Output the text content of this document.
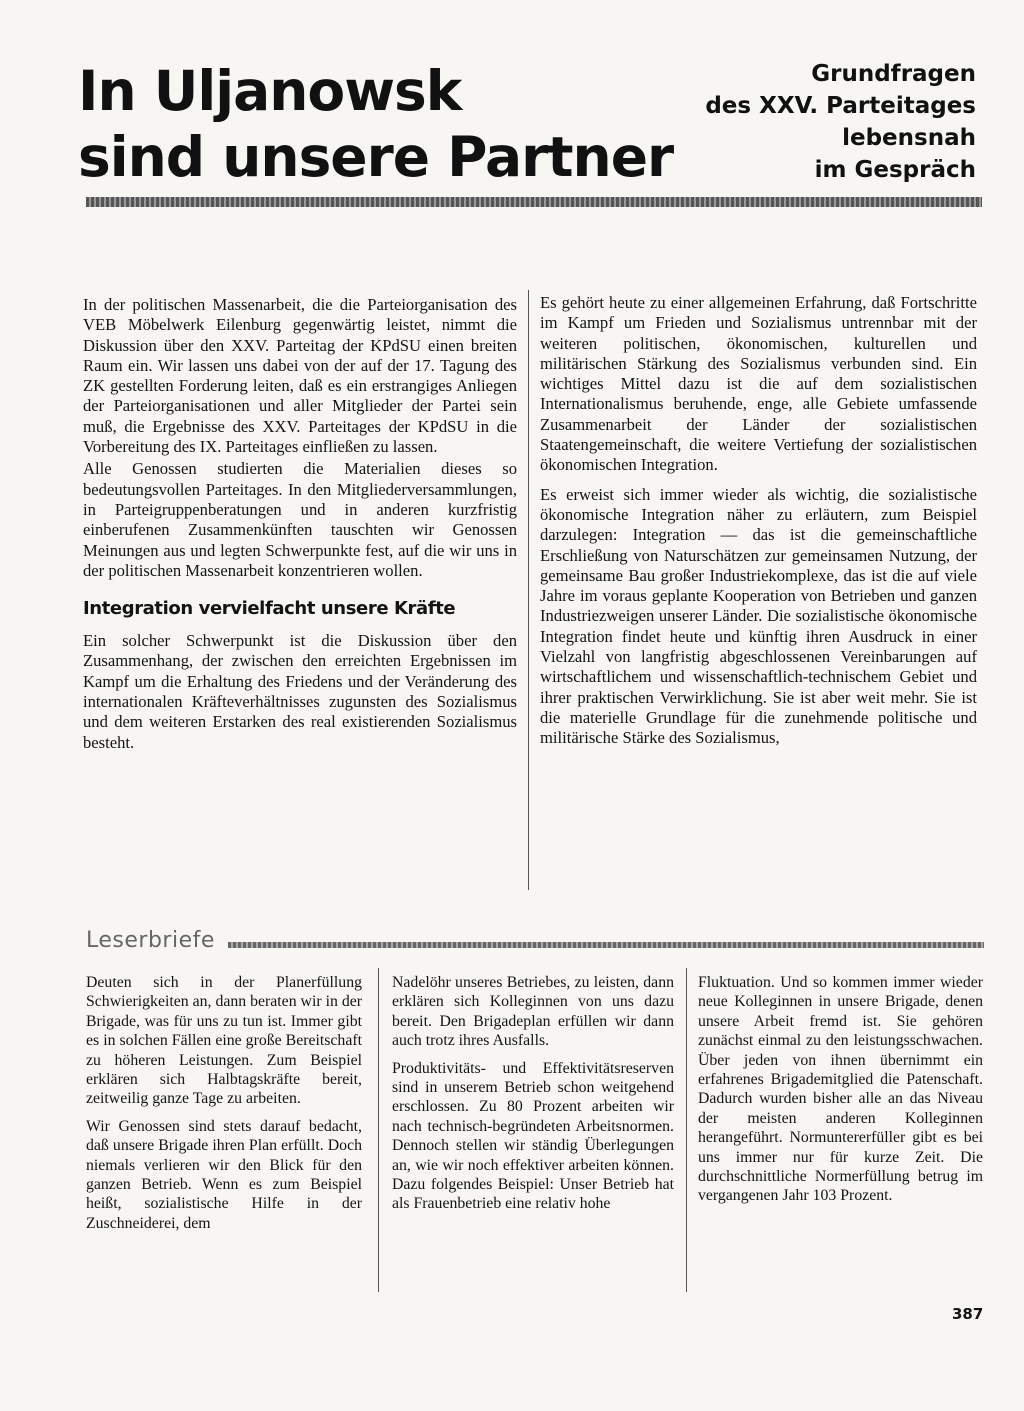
In Uljanowsk
sind unsere Partner
Grundfragen
des XXV. Parteitages
lebensnah
im Gespräch

In der politischen Massenarbeit, die die Parteiorganisation des VEB Möbelwerk Eilenburg gegenwärtig leistet, nimmt die Diskussion über den XXV. Parteitag der KPdSU einen breiten Raum ein. Wir lassen uns dabei von der auf der 17. Tagung des ZK gestellten Forderung leiten, daß es ein erstrangiges Anliegen der Parteiorganisationen und aller Mitglieder der Partei sein muß, die Ergebnisse des XXV. Parteitages der KPdSU in die Vorbereitung des IX. Parteitages einfließen zu lassen.

Alle Genossen studierten die Materialien dieses so bedeutungsvollen Parteitages. In den Mitgliederversammlungen, in Parteigruppenberatungen und in anderen kurzfristig einberufenen Zusammenkünften tauschten wir Genossen Meinungen aus und legten Schwerpunkte fest, auf die wir uns in der politischen Massenarbeit konzentrieren wollen.

Integration vervielfacht unsere Kräfte

Ein solcher Schwerpunkt ist die Diskussion über den Zusammenhang, der zwischen den erreichten Ergebnissen im Kampf um die Erhaltung des Friedens und der Veränderung des internationalen Kräfteverhältnisses zugunsten des Sozialismus und dem weiteren Erstarken des real existierenden Sozialismus besteht.

Es gehört heute zu einer allgemeinen Erfahrung, daß Fortschritte im Kampf um Frieden und Sozialismus untrennbar mit der weiteren politischen, ökonomischen, kulturellen und militärischen Stärkung des Sozialismus verbunden sind. Ein wichtiges Mittel dazu ist die auf dem sozialistischen Internationalismus beruhende, enge, alle Gebiete umfassende Zusammenarbeit der Länder der sozialistischen Staatengemeinschaft, die weitere Vertiefung der sozialistischen ökonomischen Integration.

Es erweist sich immer wieder als wichtig, die sozialistische ökonomische Integration näher zu erläutern, zum Beispiel darzulegen: Integration — das ist die gemeinschaftliche Erschließung von Naturschätzen zur gemeinsamen Nutzung, der gemeinsame Bau großer Industriekomplexe, das ist die auf viele Jahre im voraus geplante Kooperation von Betrieben und ganzen Industriezweigen unserer Länder. Die sozialistische ökonomische Integration findet heute und künftig ihren Ausdruck in einer Vielzahl von langfristig abgeschlossenen Vereinbarungen auf wirtschaftlichem und wissenschaftlich-technischem Gebiet und ihrer praktischen Verwirklichung. Sie ist aber weit mehr. Sie ist die materielle Grundlage für die zunehmende politische und militärische Stärke des Sozialismus,

Leserbriefe

Deuten sich in der Planerfüllung Schwierigkeiten an, dann beraten wir in der Brigade, was für uns zu tun ist. Immer gibt es in solchen Fällen eine große Bereitschaft zu höheren Leistungen. Zum Beispiel erklären sich Halbtagskräfte bereit, zeitweilig ganze Tage zu arbeiten.

Wir Genossen sind stets darauf bedacht, daß unsere Brigade ihren Plan erfüllt. Doch niemals verlieren wir den Blick für den ganzen Betrieb. Wenn es zum Beispiel heißt, sozialistische Hilfe in der Zuschneiderei, dem

Nadelöhr unseres Betriebes, zu leisten, dann erklären sich Kolleginnen von uns dazu bereit. Den Brigadeplan erfüllen wir dann auch trotz ihres Ausfalls.

Produktivitäts- und Effektivitätsreserven sind in unserem Betrieb schon weitgehend erschlossen. Zu 80 Prozent arbeiten wir nach technisch-begründeten Arbeitsnormen. Dennoch stellen wir ständig Überlegungen an, wie wir noch effektiver arbeiten können. Dazu folgendes Beispiel: Unser Betrieb hat als Frauenbetrieb eine relativ hohe

Fluktuation. Und so kommen immer wieder neue Kolleginnen in unsere Brigade, denen unsere Arbeit fremd ist. Sie gehören zunächst einmal zu den leistungsschwachen. Über jeden von ihnen übernimmt ein erfahrenes Brigademitglied die Patenschaft. Dadurch wurden bisher alle an das Niveau der meisten anderen Kolleginnen herangeführt. Normuntererfüller gibt es bei uns immer nur für kurze Zeit. Die durchschnittliche Normerfüllung betrug im vergangenen Jahr 103 Prozent.

387
